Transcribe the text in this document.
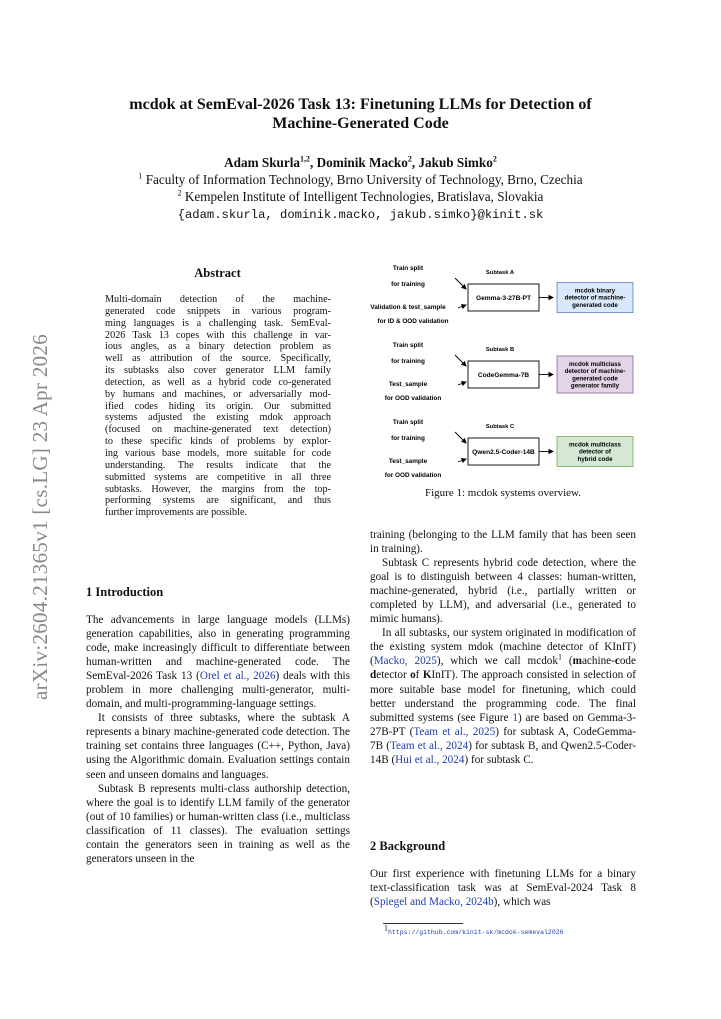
arXiv:2604.21365v1 [cs.LG] 23 Apr 2026
mcdok at SemEval-2026 Task 13: Finetuning LLMs for Detection of
Machine-Generated Code
Adam Skurla$^{1,2}$, Dominik Macko$^2$, Jakub Simko$^2$
$^1$ Faculty of Information Technology, Brno University of Technology, Brno, Czechia
$^2$ Kempelen Institute of Intelligent Technologies, Bratislava, Slovakia
{adam.skurla, dominik.macko, jakub.simko}@kinit.sk
Abstract
Multi-domain detection of the machine-
generated code snippets in various program-
ming languages is a challenging task. SemEval-
2026 Task 13 copes with this challenge in var-
ious angles, as a binary detection problem as
well as attribution of the source. Specifically,
its subtasks also cover generator LLM family
detection, as well as a hybrid code co-generated
by humans and machines, or adversarially mod-
ified codes hiding its origin. Our submitted
systems adjusted the existing mdok approach
(focused on machine-generated text detection)
to these specific kinds of problems by explor-
ing various base models, more suitable for code
understanding. The results indicate that the
submitted systems are competitive in all three
subtasks. However, the margins from the top-
performing systems are significant, and thus
further improvements are possible.
1 Introduction

The advancements in large language models (LLMs) generation capabilities, also in generating programming code, make increasingly difficult to differentiate between human-written and machine-generated code. The SemEval-2026 Task 13 (Orel et al., 2026) deals with this problem in more challenging multi-generator, multi-domain, and multi-programming-language settings.

It consists of three subtasks, where the subtask A represents a binary machine-generated code detection. The training set contains three languages (C++, Python, Java) using the Algorithmic domain. Evaluation settings contain seen and unseen domains and languages.

Subtask B represents multi-class authorship detection, where the goal is to identify LLM family of the generator (out of 10 families) or human-written class (i.e., multiclass classification of 11 classes). The evaluation settings contain the generators seen in training as well as the generators unseen in the

Subtask A
Train split
for training
Validation & test_sample
for ID & OOD validation
Gemma-3-27B-PT
mcdok binary
detector of machine-
generated code
Subtask B
Train split
for training
Test_sample
for OOD validation
CodeGemma-7B
mcdok multiclass
detector of machine-
generated code
generator family
Subtask C
Train split
for training
Test_sample
for OOD validation
Qwen2.5-Coder-14B
mcdok multiclass
detector of
hybrid code
Figure 1: mcdok systems overview.

training (belonging to the LLM family that has been seen in training).

Subtask C represents hybrid code detection, where the goal is to distinguish between 4 classes: human-written, machine-generated, hybrid (i.e., partially written or completed by LLM), and adversarial (i.e., generated to mimic humans).

In all subtasks, our system originated in modification of the existing system mdok (machine detector of KInIT) (Macko, 2025), which we call mcdok$^1$ (machine-code detector of KInIT). The approach consisted in selection of more suitable base model for finetuning, which could better understand the programming code. The final submitted systems (see Figure 1) are based on Gemma-3-27B-PT (Team et al., 2025) for subtask A, CodeGemma-7B (Team et al., 2024) for subtask B, and Qwen2.5-Coder-14B (Hui et al., 2024) for subtask C.

2 Background

Our first experience with finetuning LLMs for a binary text-classification task was at SemEval-2024 Task 8 (Spiegel and Macko, 2024b), which was

$^1$https://github.com/kinit-sk/mcdok-semeval2026
